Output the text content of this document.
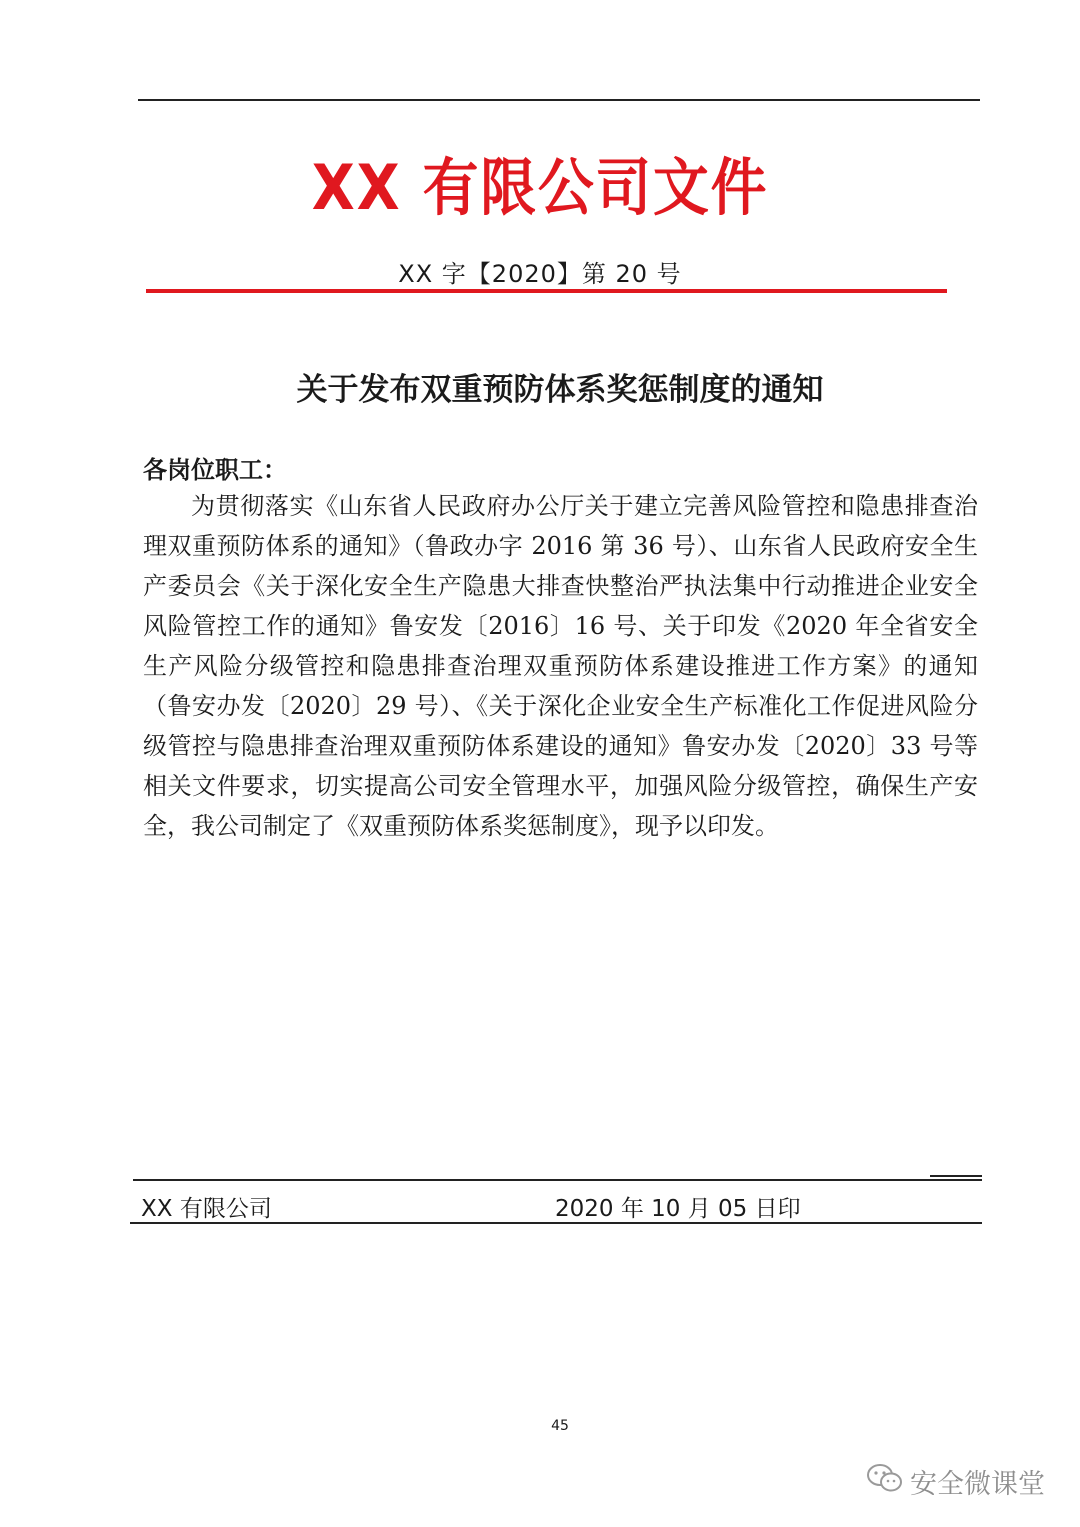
XX 有限公司文件
XX 字【2020】第 20 号
关于发布双重预防体系奖惩制度的通知
各岗位职工：
为贯彻落实《山东省人民政府办公厅关于建立完善风险管控和隐患排查治理双重预防体系的通知》（鲁政办字 2016 第 36 号）、山东省人民政府安全生产委员会《关于深化安全生产隐患大排查快整治严执法集中行动推进企业安全风险管控工作的通知》鲁安发〔2016〕16 号、关于印发《2020 年全省安全生产风险分级管控和隐患排查治理双重预防体系建设推进工作方案》的通知（鲁安办发〔2020〕29 号）、《关于深化企业安全生产标准化工作促进风险分级管控与隐患排查治理双重预防体系建设的通知》鲁安办发〔2020〕33 号等相关文件要求，切实提高公司安全管理水平，加强风险分级管控，确保生产安全，我公司制定了《双重预防体系奖惩制度》，现予以印发。
XX 有限公司	2020 年 10 月 05 日印
45
安全微课堂
